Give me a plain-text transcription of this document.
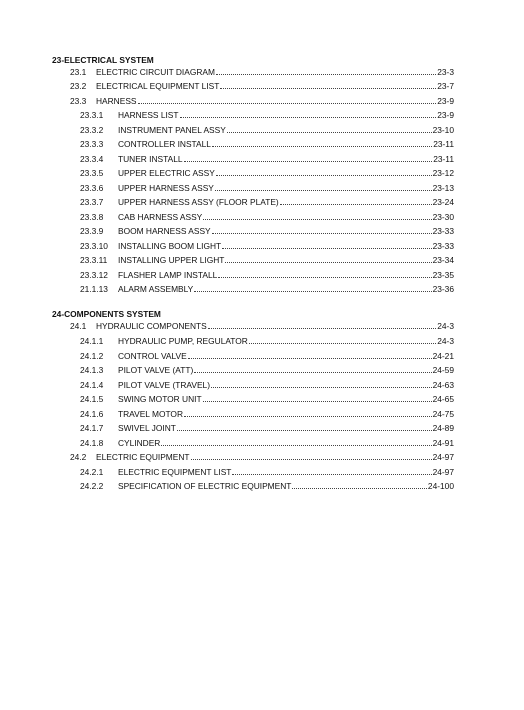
23-ELECTRICAL SYSTEM
23.1	ELECTRIC CIRCUIT DIAGRAM	23-3
23.2	ELECTRICAL EQUIPMENT LIST	23-7
23.3	HARNESS	23-9
23.3.1	HARNESS LIST	23-9
23.3.2	INSTRUMENT PANEL ASSY	23-10
23.3.3	CONTROLLER INSTALL	23-11
23.3.4	TUNER INSTALL	23-11
23.3.5	UPPER ELECTRIC ASSY	23-12
23.3.6	UPPER HARNESS ASSY	23-13
23.3.7	UPPER HARNESS ASSY (FLOOR PLATE)	23-24
23.3.8	CAB HARNESS ASSY	23-30
23.3.9	BOOM HARNESS ASSY	23-33
23.3.10	INSTALLING BOOM LIGHT	23-33
23.3.11	INSTALLING UPPER LIGHT	23-34
23.3.12	FLASHER LAMP INSTALL	23-35
21.1.13	ALARM ASSEMBLY	23-36
24-COMPONENTS SYSTEM
24.1	HYDRAULIC COMPONENTS	24-3
24.1.1	HYDRAULIC PUMP, REGULATOR	24-3
24.1.2	CONTROL VALVE	24-21
24.1.3	PILOT VALVE (ATT)	24-59
24.1.4	PILOT VALVE (TRAVEL)	24-63
24.1.5	SWING MOTOR UNIT	24-65
24.1.6	TRAVEL MOTOR	24-75
24.1.7	SWIVEL JOINT	24-89
24.1.8	CYLINDER	24-91
24.2	ELECTRIC EQUIPMENT	24-97
24.2.1	ELECTRIC EQUIPMENT LIST	24-97
24.2.2	SPECIFICATION OF ELECTRIC EQUIPMENT	24-100
